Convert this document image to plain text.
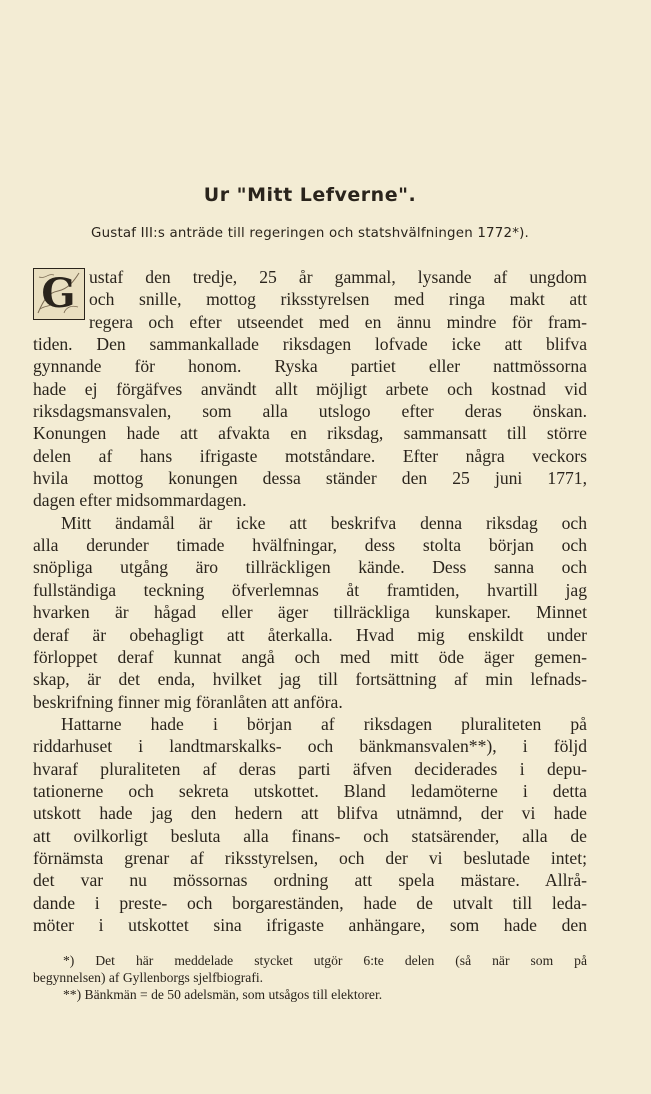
Ur "Mitt Lefverne".
Gustaf III:s anträde till regeringen och statshvälfningen 1772*).
G ustaf den tredje, 25 år gammal, lysande af ungdom
och snille, mottog riksstyrelsen med ringa makt att
regera och efter utseendet med en ännu mindre för fram-
tiden. Den sammankallade riksdagen lofvade icke att blifva
gynnande för honom. Ryska partiet eller nattmössorna
hade ej förgäfves användt allt möjligt arbete och kostnad vid
riksdagsmansvalen, som alla utslogo efter deras önskan.
Konungen hade att afvakta en riksdag, sammansatt till större
delen af hans ifrigaste motståndare. Efter några veckors
hvila mottog konungen dessa ständer den 25 juni 1771,
dagen efter midsommardagen.
Mitt ändamål är icke att beskrifva denna riksdag och
alla derunder timade hvälfningar, dess stolta början och
snöpliga utgång äro tillräckligen kände. Dess sanna och
fullständiga teckning öfverlemnas åt framtiden, hvartill jag
hvarken är hågad eller äger tillräckliga kunskaper. Minnet
deraf är obehagligt att återkalla. Hvad mig enskildt under
förloppet deraf kunnat angå och med mitt öde äger gemen-
skap, är det enda, hvilket jag till fortsättning af min lefnads-
beskrifning finner mig föranlåten att anföra.
Hattarne hade i början af riksdagen pluraliteten på
riddarhuset i landtmarskalks- och bänkmansvalen**), i följd
hvaraf pluraliteten af deras parti äfven deciderades i depu-
tationerne och sekreta utskottet. Bland ledamöterne i detta
utskott hade jag den hedern att blifva utnämnd, der vi hade
att ovilkorligt besluta alla finans- och statsärender, alla de
förnämsta grenar af riksstyrelsen, och der vi beslutade intet;
det var nu mössornas ordning att spela mästare. Allrå-
dande i preste- och borgareständen, hade de utvalt till leda-
möter i utskottet sina ifrigaste anhängare, som hade den
*) Det här meddelade stycket utgör 6:te delen (så när som på
begynnelsen) af Gyllenborgs sjelfbiografi.
**) Bänkmän = de 50 adelsmän, som utsågos till elektorer.
